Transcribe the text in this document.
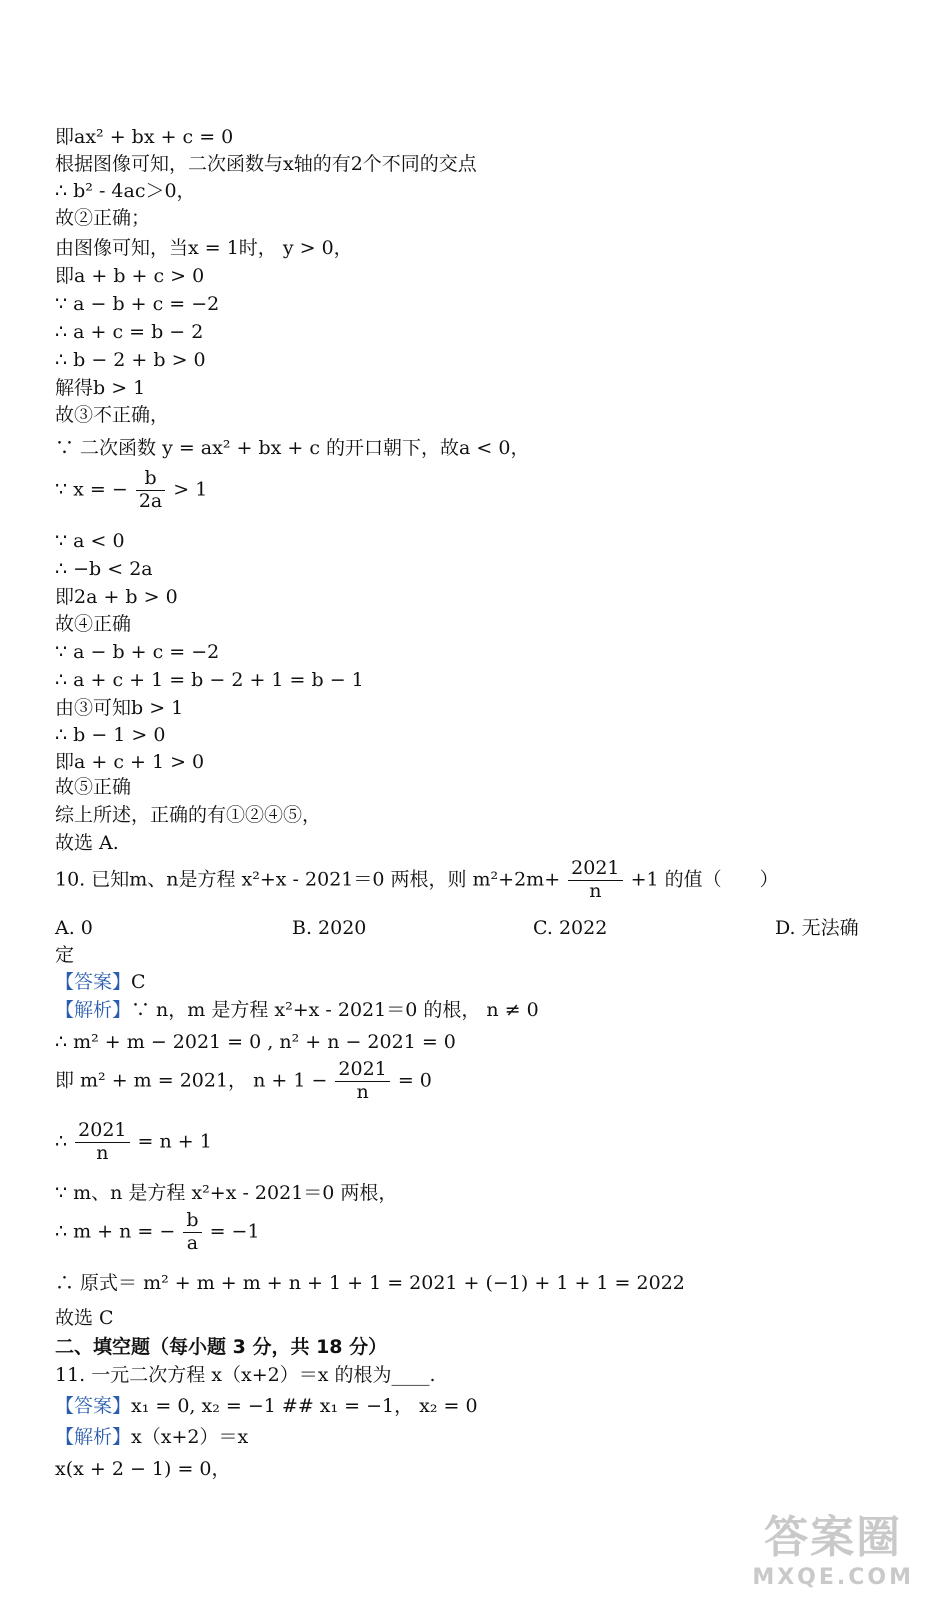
即ax² + bx + c = 0
根据图像可知，二次函数与x轴的有2个不同的交点
∴ b² - 4ac＞0，
故②正确；
由图像可知，当x = 1时， y > 0，
即a + b + c > 0
∵ a − b + c = −2
∴ a + c = b − 2
∴ b − 2 + b > 0
解得b > 1
故③不正确，
∵ 二次函数 y = ax² + bx + c 的开口朝下，故a < 0，
∵ x = − $\frac{b}{2a} > 1$
∵ a < 0
∴ −b < 2a
即2a + b > 0
故④正确
∵ a − b + c = −2
∴ a + c + 1 = b − 2 + 1 = b − 1
由③可知b > 1
∴ b − 1 > 0
即a + c + 1 > 0
故⑤正确
综上所述，正确的有①②④⑤，
故选 A.
10. 已知m、n是方程 x²+x - 2021＝0 两根，则 $m^2+2m+ \frac{2021}{n} +1$ 的值（　　）
A. 0	B. 2020	C. 2022	D. 无法确
定
【答案】C
【解析】∵ n，m 是方程 x²+x - 2021＝0 的根， n ≠ 0
∴ m² + m − 2021 = 0 , n² + n − 2021 = 0
即 m² + m = 2021， $n + 1 - \frac{2021}{n} = 0$
∴ $\frac{2021}{n} = n + 1$
∵ m、n 是方程 x²+x - 2021＝0 两根，
∴ m + n = − $\frac{b}{a} = -1$
∴ 原式＝ m² + m + m + n + 1 + 1 = 2021 + (−1) + 1 + 1 = 2022
故选 C
二、填空题（每小题 3 分，共 18 分）
11. 一元二次方程 x（x+2）＝x 的根为____.
【答案】x₁ = 0, x₂ = −1 ## x₁ = −1， x₂ = 0
【解析】x（x+2）＝x
x(x + 2 − 1) = 0，
答案圈
MXQE.COM
